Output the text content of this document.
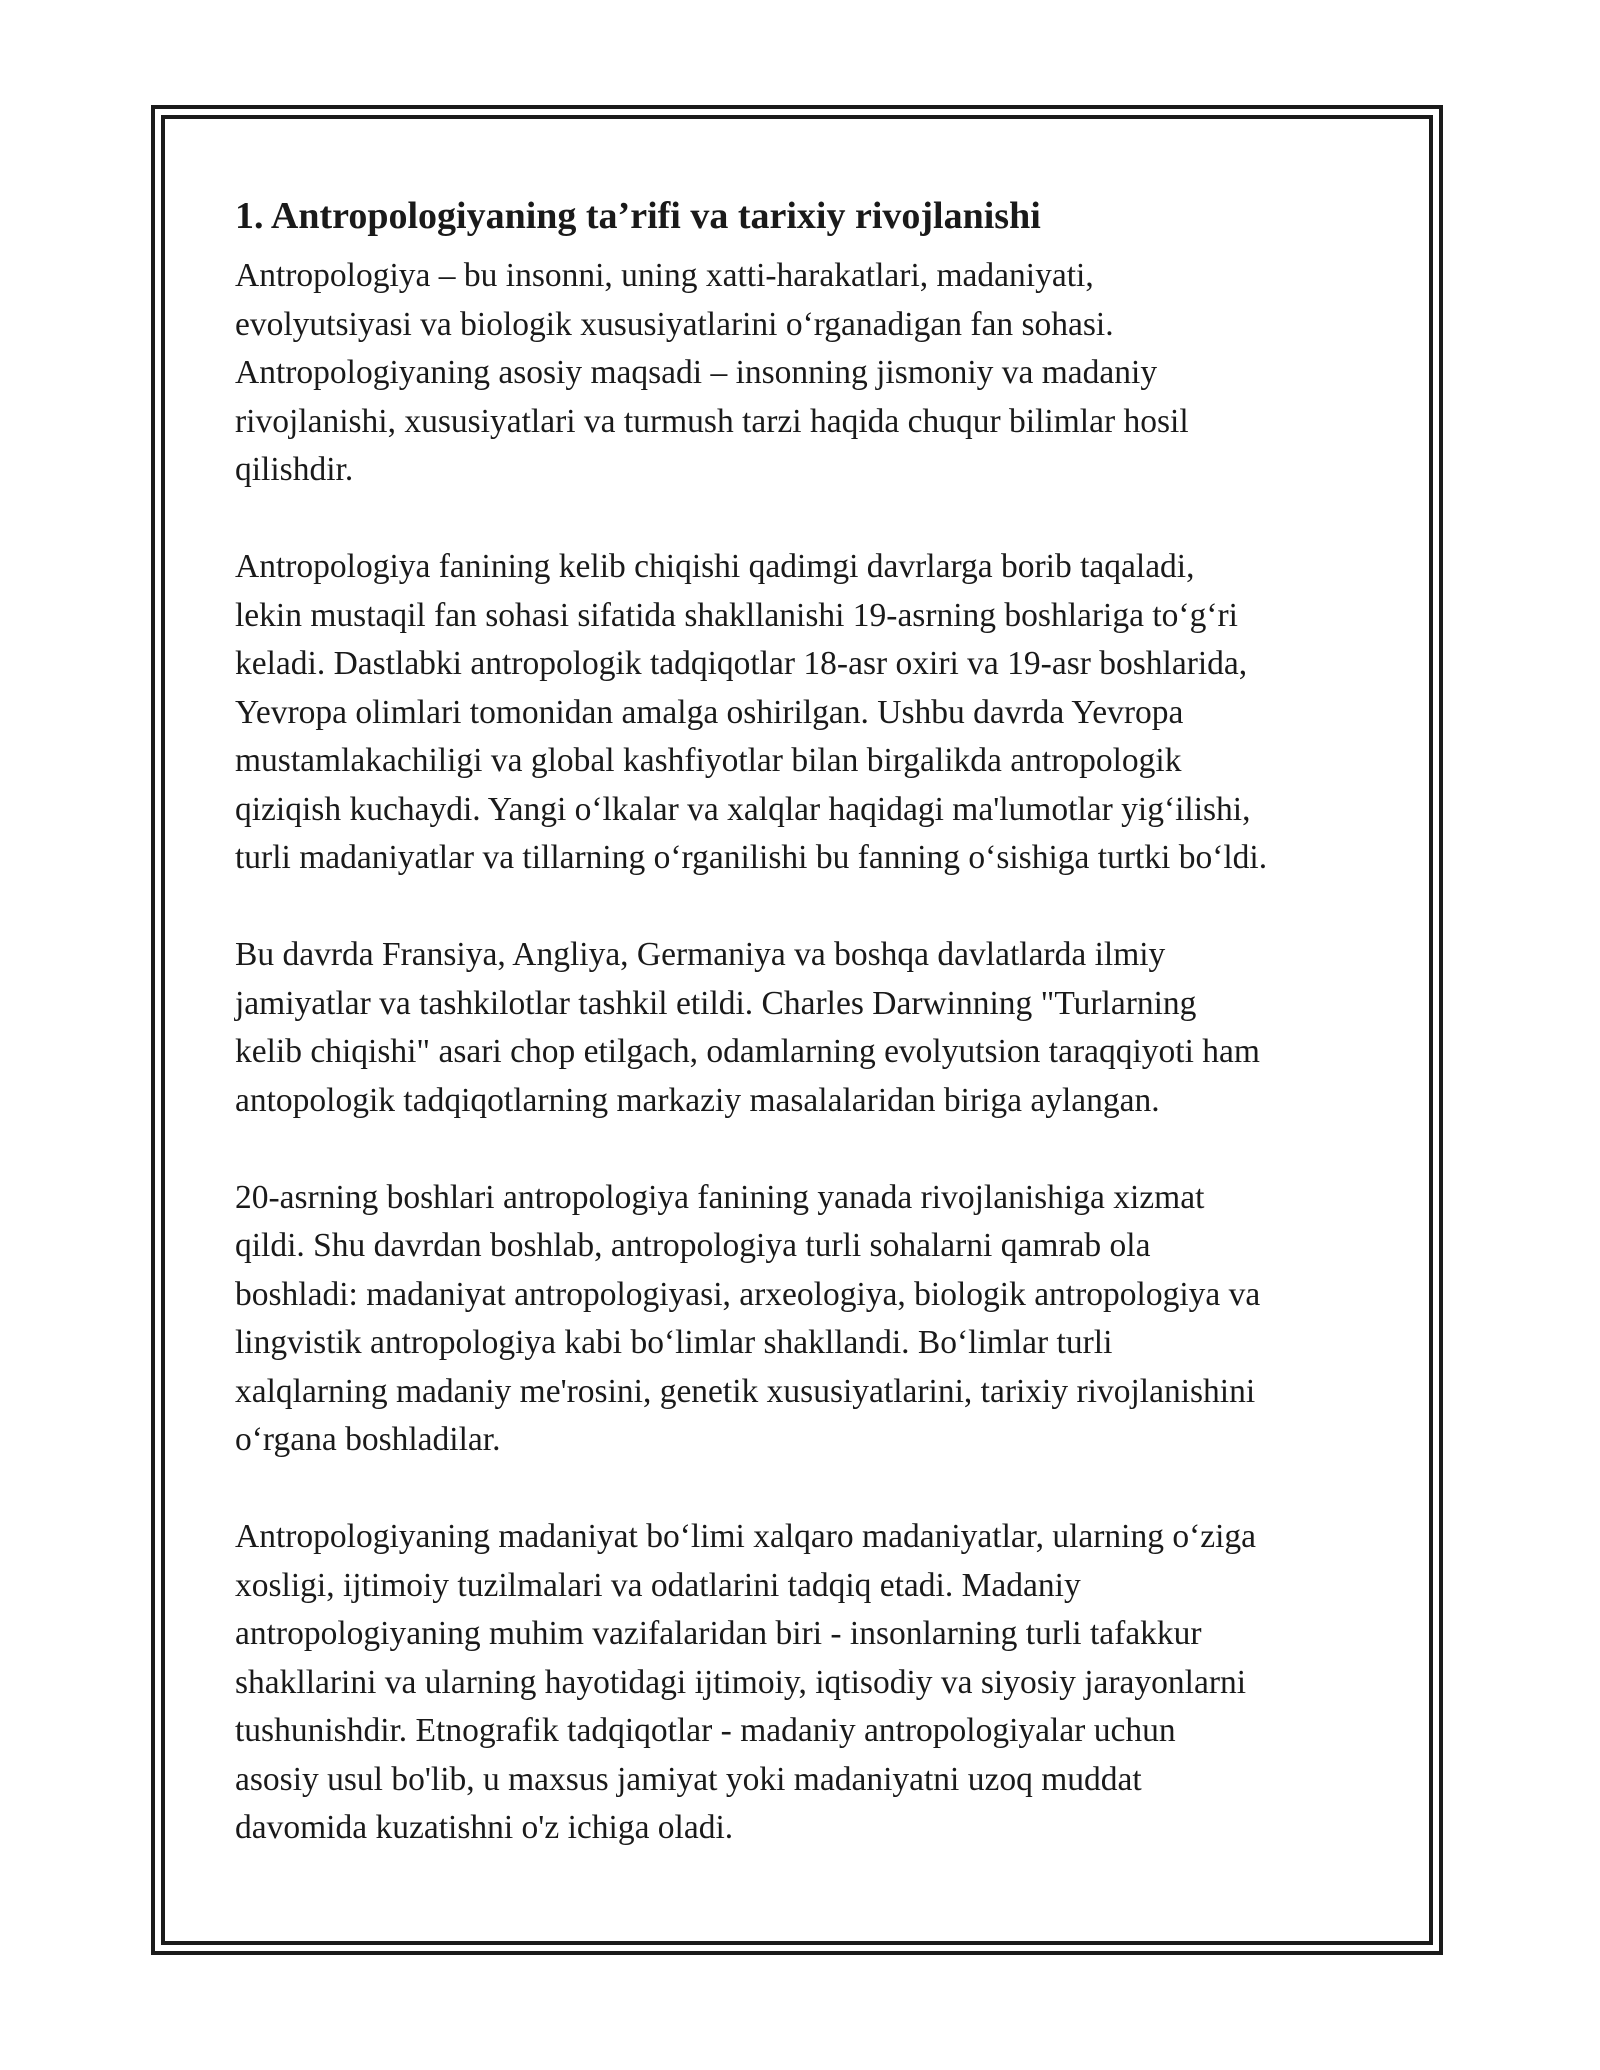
1. Antropologiyaning ta’rifi va tarixiy rivojlanishi

Antropologiya – bu insonni, uning xatti-harakatlari, madaniyati,
evolyutsiyasi va biologik xususiyatlarini o‘rganadigan fan sohasi.
Antropologiyaning asosiy maqsadi – insonning jismoniy va madaniy
rivojlanishi, xususiyatlari va turmush tarzi haqida chuqur bilimlar hosil
qilishdir.

Antropologiya fanining kelib chiqishi qadimgi davrlarga borib taqaladi,
lekin mustaqil fan sohasi sifatida shakllanishi 19-asrning boshlariga to‘g‘ri
keladi. Dastlabki antropologik tadqiqotlar 18-asr oxiri va 19-asr boshlarida,
Yevropa olimlari tomonidan amalga oshirilgan. Ushbu davrda Yevropa
mustamlakachiligi va global kashfiyotlar bilan birgalikda antropologik
qiziqish kuchaydi. Yangi o‘lkalar va xalqlar haqidagi ma'lumotlar yig‘ilishi,
turli madaniyatlar va tillarning o‘rganilishi bu fanning o‘sishiga turtki bo‘ldi.

Bu davrda Fransiya, Angliya, Germaniya va boshqa davlatlarda ilmiy
jamiyatlar va tashkilotlar tashkil etildi. Charles Darwinning "Turlarning
kelib chiqishi" asari chop etilgach, odamlarning evolyutsion taraqqiyoti ham
antopologik tadqiqotlarning markaziy masalalaridan biriga aylangan.

20-asrning boshlari antropologiya fanining yanada rivojlanishiga xizmat
qildi. Shu davrdan boshlab, antropologiya turli sohalarni qamrab ola
boshladi: madaniyat antropologiyasi, arxeologiya, biologik antropologiya va
lingvistik antropologiya kabi bo‘limlar shakllandi. Bo‘limlar turli
xalqlarning madaniy me'rosini, genetik xususiyatlarini, tarixiy rivojlanishini
o‘rgana boshladilar.

Antropologiyaning madaniyat bo‘limi xalqaro madaniyatlar, ularning o‘ziga
xosligi, ijtimoiy tuzilmalari va odatlarini tadqiq etadi. Madaniy
antropologiyaning muhim vazifalaridan biri - insonlarning turli tafakkur
shakllarini va ularning hayotidagi ijtimoiy, iqtisodiy va siyosiy jarayonlarni
tushunishdir. Etnografik tadqiqotlar - madaniy antropologiyalar uchun
asosiy usul bo'lib, u maxsus jamiyat yoki madaniyatni uzoq muddat
davomida kuzatishni o'z ichiga oladi.
